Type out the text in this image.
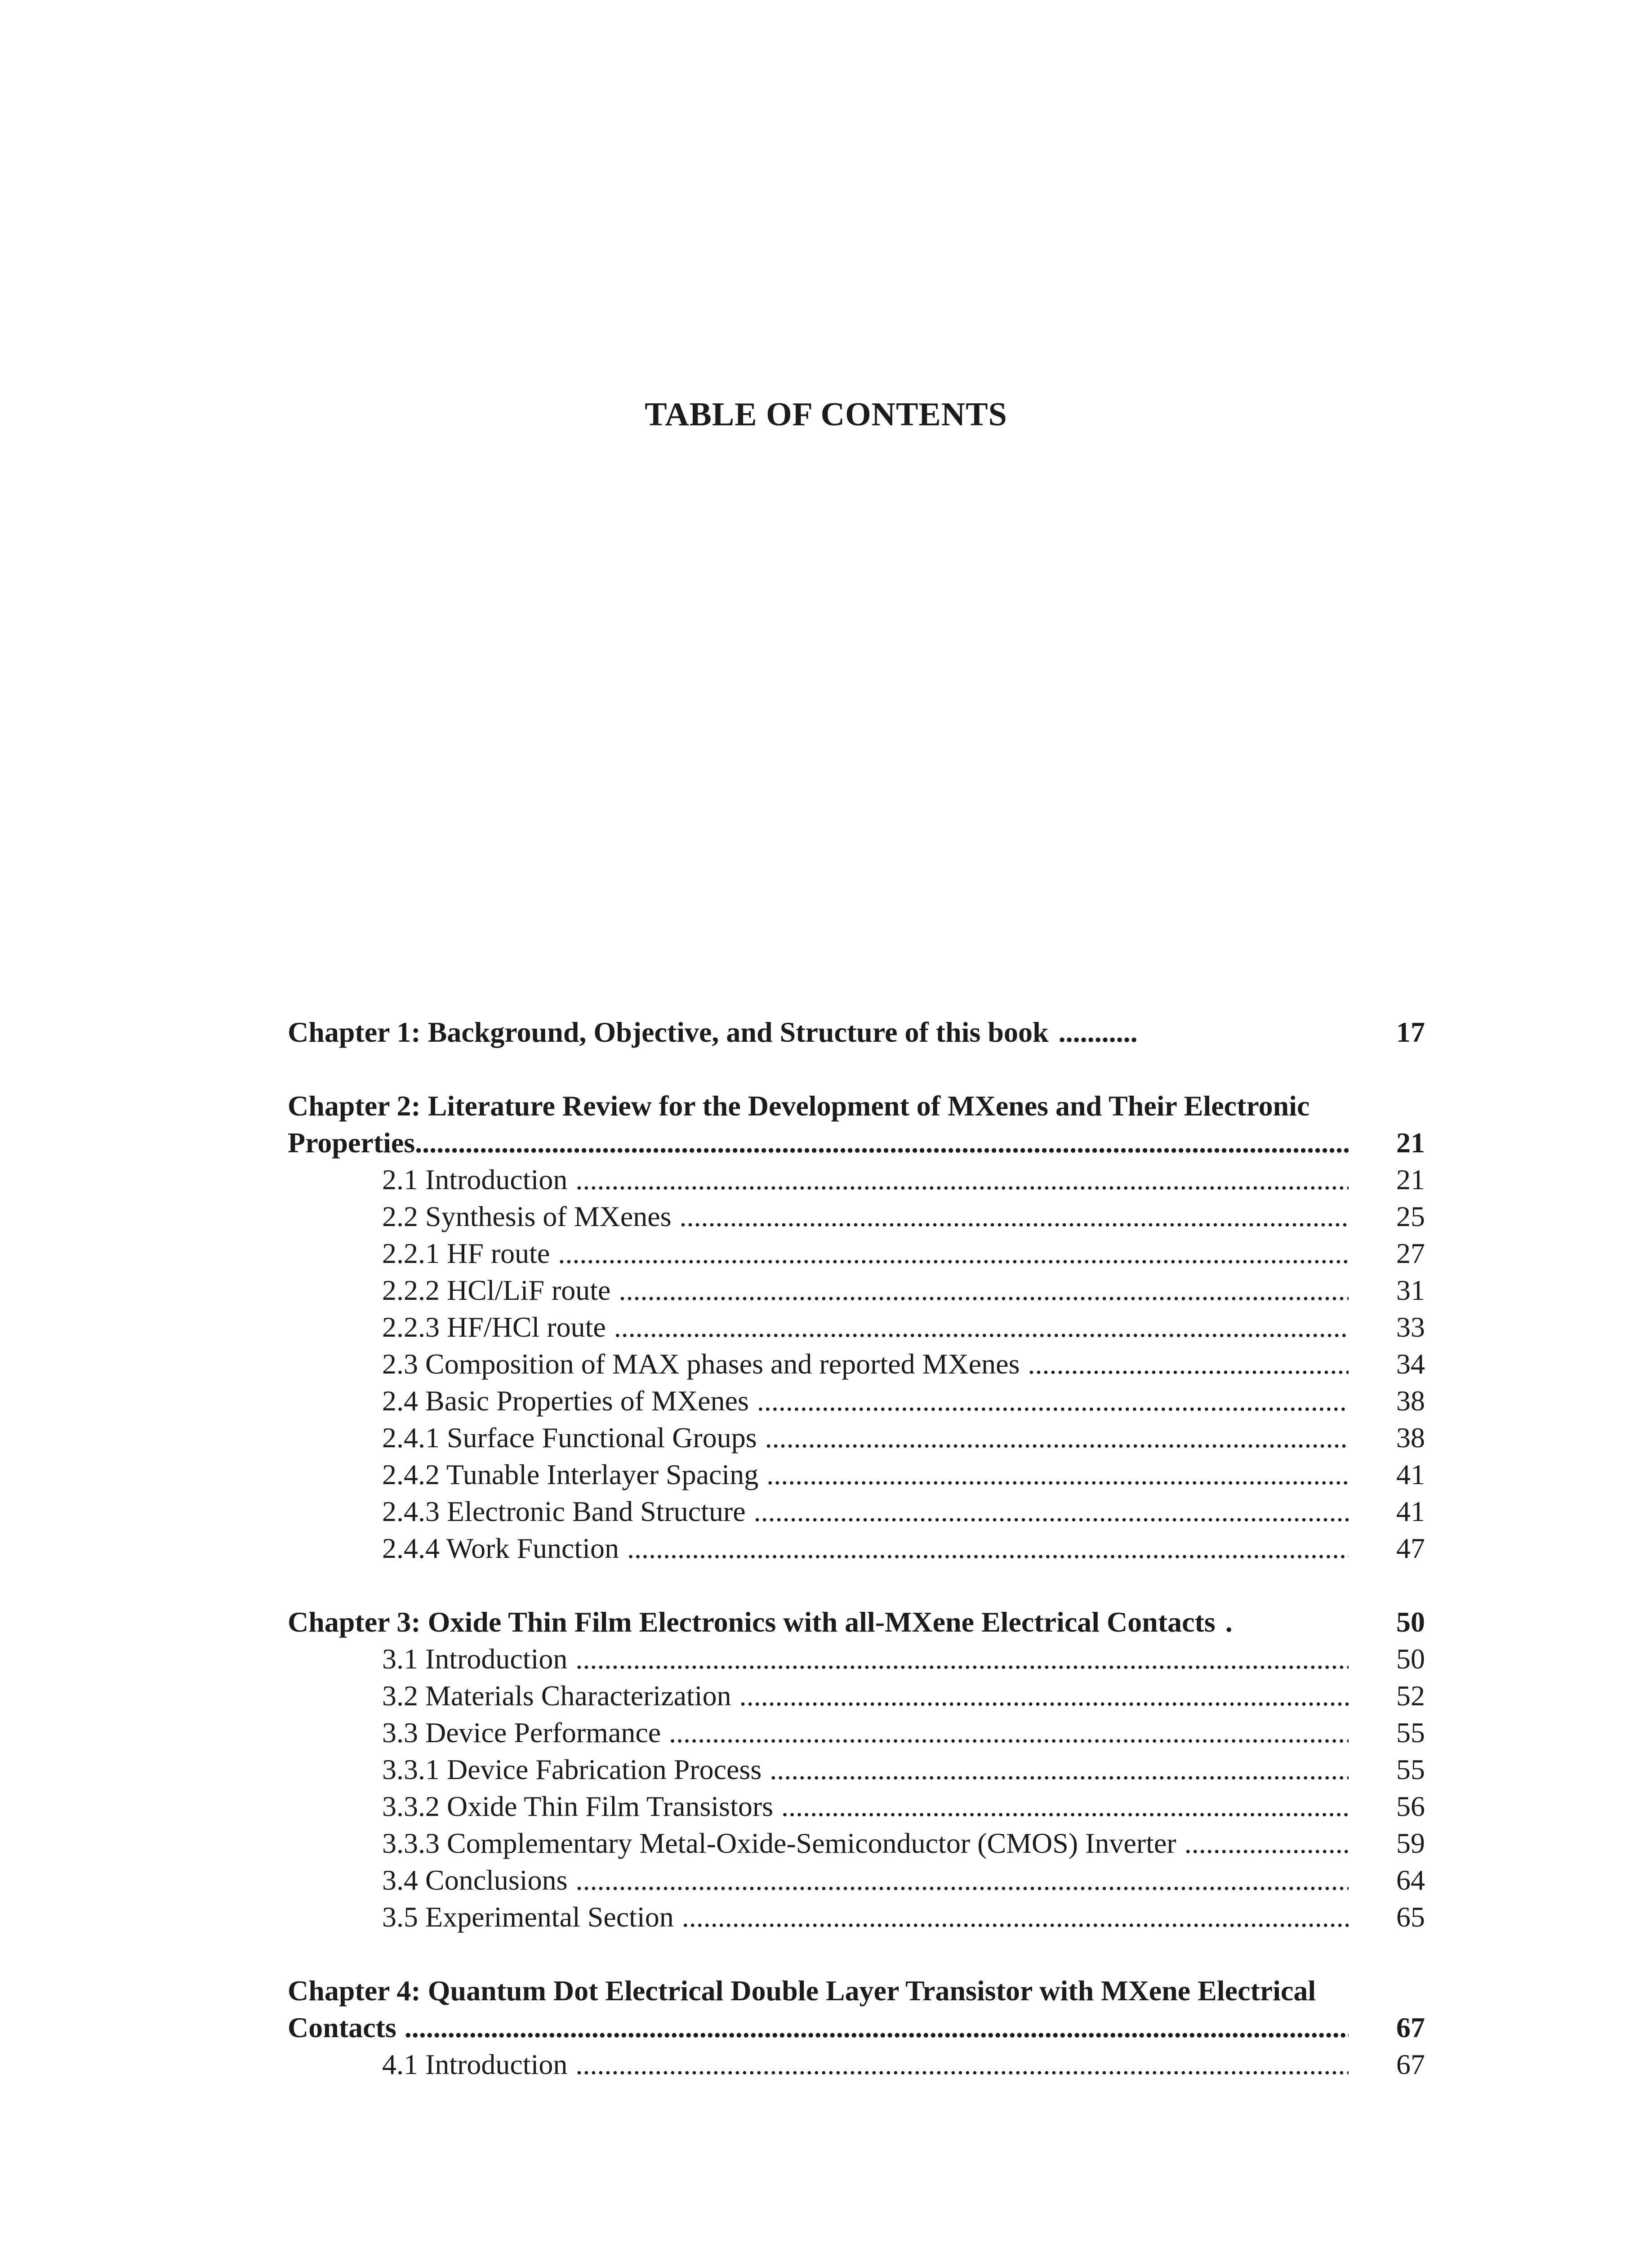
TABLE OF CONTENTS
Chapter 1: Background, Objective, and Structure of this book ...........	17
Chapter 2: Literature Review for the Development of MXenes and Their Electronic
Properties .....	21
2.1 Introduction .....	21
2.2 Synthesis of MXenes .....	25
2.2.1 HF route .....	27
2.2.2 HCl/LiF route .....	31
2.2.3 HF/HCl route .....	33
2.3 Composition of MAX phases and reported MXenes .....	34
2.4 Basic Properties of MXenes .....	38
2.4.1 Surface Functional Groups .....	38
2.4.2 Tunable Interlayer Spacing .....	41
2.4.3 Electronic Band Structure .....	41
2.4.4 Work Function .....	47
Chapter 3: Oxide Thin Film Electronics with all-MXene Electrical Contacts .	50
3.1 Introduction .....	50
3.2 Materials Characterization .....	52
3.3 Device Performance .....	55
3.3.1 Device Fabrication Process .....	55
3.3.2 Oxide Thin Film Transistors .....	56
3.3.3 Complementary Metal-Oxide-Semiconductor (CMOS) Inverter .....	59
3.4 Conclusions .....	64
3.5 Experimental Section .....	65
Chapter 4: Quantum Dot Electrical Double Layer Transistor with MXene Electrical
Contacts .....	67
4.1 Introduction .....	67
